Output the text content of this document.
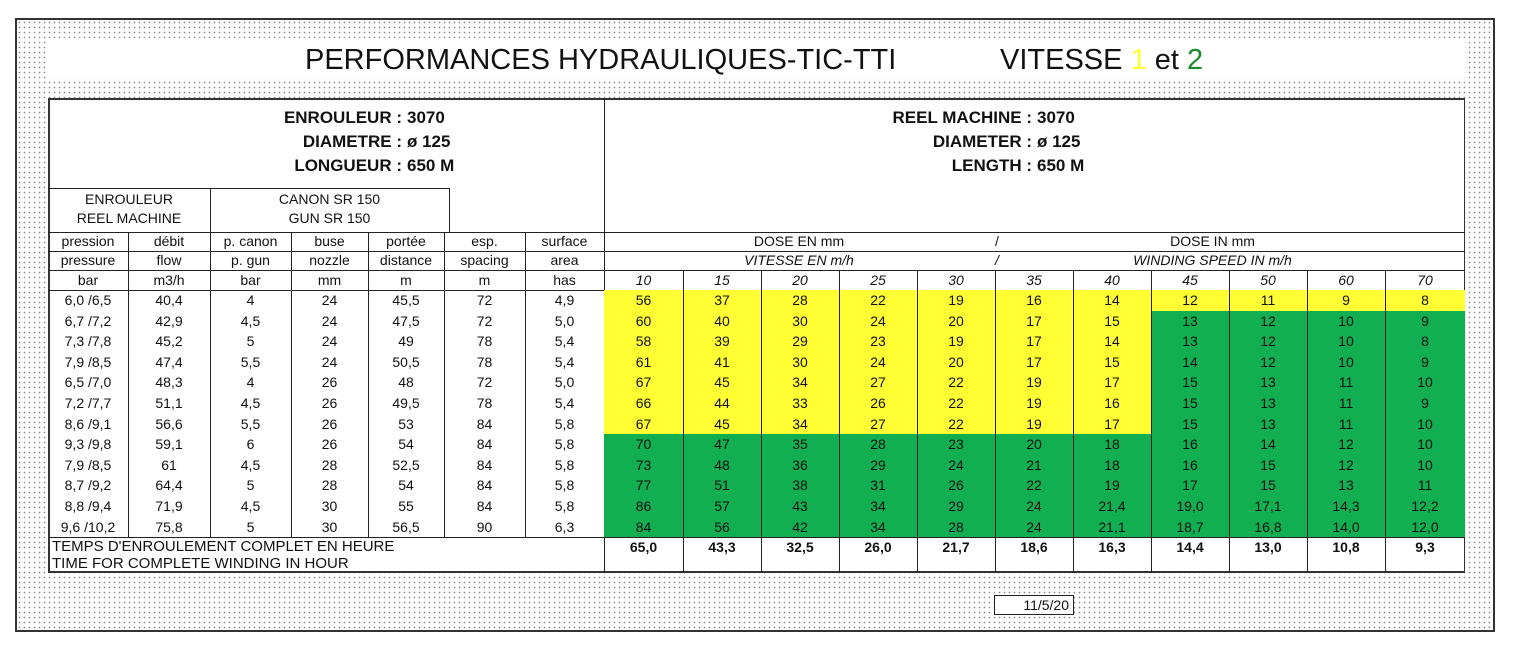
PERFORMANCES HYDRAULIQUES-TIC-TTI	VITESSE 1 et 2
11/5/20
ENROULEUR : 3070
DIAMETRE : ø 125
LONGUEUR : 650 M
REEL MACHINE : 3070
DIAMETER : ø 125
LENGTH : 650 M
ENROULEUR
REEL MACHINE
CANON SR 150
GUN SR 150
pression	débit	p. canon	buse	portée	esp.	surface
pressure	flow	p. gun	nozzle	distance	spacing	area
bar	m3/h	bar	mm	m	m	has
DOSE EN mm	/	DOSE IN mm
VITESSE EN m/h	/	WINDING SPEED IN m/h
10	15	20	25	30	35	40	45	50	60	70
6,0 /6,5	40,4	4	24	45,5	72	4,9	56	37	28	22	19	16	14	12	11	9	8
6,7 /7,2	42,9	4,5	24	47,5	72	5,0	60	40	30	24	20	17	15	13	12	10	9
7,3 /7,8	45,2	5	24	49	78	5,4	58	39	29	23	19	17	14	13	12	10	8
7,9 /8,5	47,4	5,5	24	50,5	78	5,4	61	41	30	24	20	17	15	14	12	10	9
6,5 /7,0	48,3	4	26	48	72	5,0	67	45	34	27	22	19	17	15	13	11	10
7,2 /7,7	51,1	4,5	26	49,5	78	5,4	66	44	33	26	22	19	16	15	13	11	9
8,6 /9,1	56,6	5,5	26	53	84	5,8	67	45	34	27	22	19	17	15	13	11	10
9,3 /9,8	59,1	6	26	54	84	5,8	70	47	35	28	23	20	18	16	14	12	10
7,9 /8,5	61	4,5	28	52,5	84	5,8	73	48	36	29	24	21	18	16	15	12	10
8,7 /9,2	64,4	5	28	54	84	5,8	77	51	38	31	26	22	19	17	15	13	11
8,8 /9,4	71,9	4,5	30	55	84	5,8	86	57	43	34	29	24	21,4	19,0	17,1	14,3	12,2
9,6 /10,2	75,8	5	30	56,5	90	6,3	84	56	42	34	28	24	21,1	18,7	16,8	14,0	12,0
TEMPS D'ENROULEMENT COMPLET EN HEURE
TIME FOR COMPLETE WINDING IN HOUR
65,0	43,3	32,5	26,0	21,7	18,6	16,3	14,4	13,0	10,8	9,3
